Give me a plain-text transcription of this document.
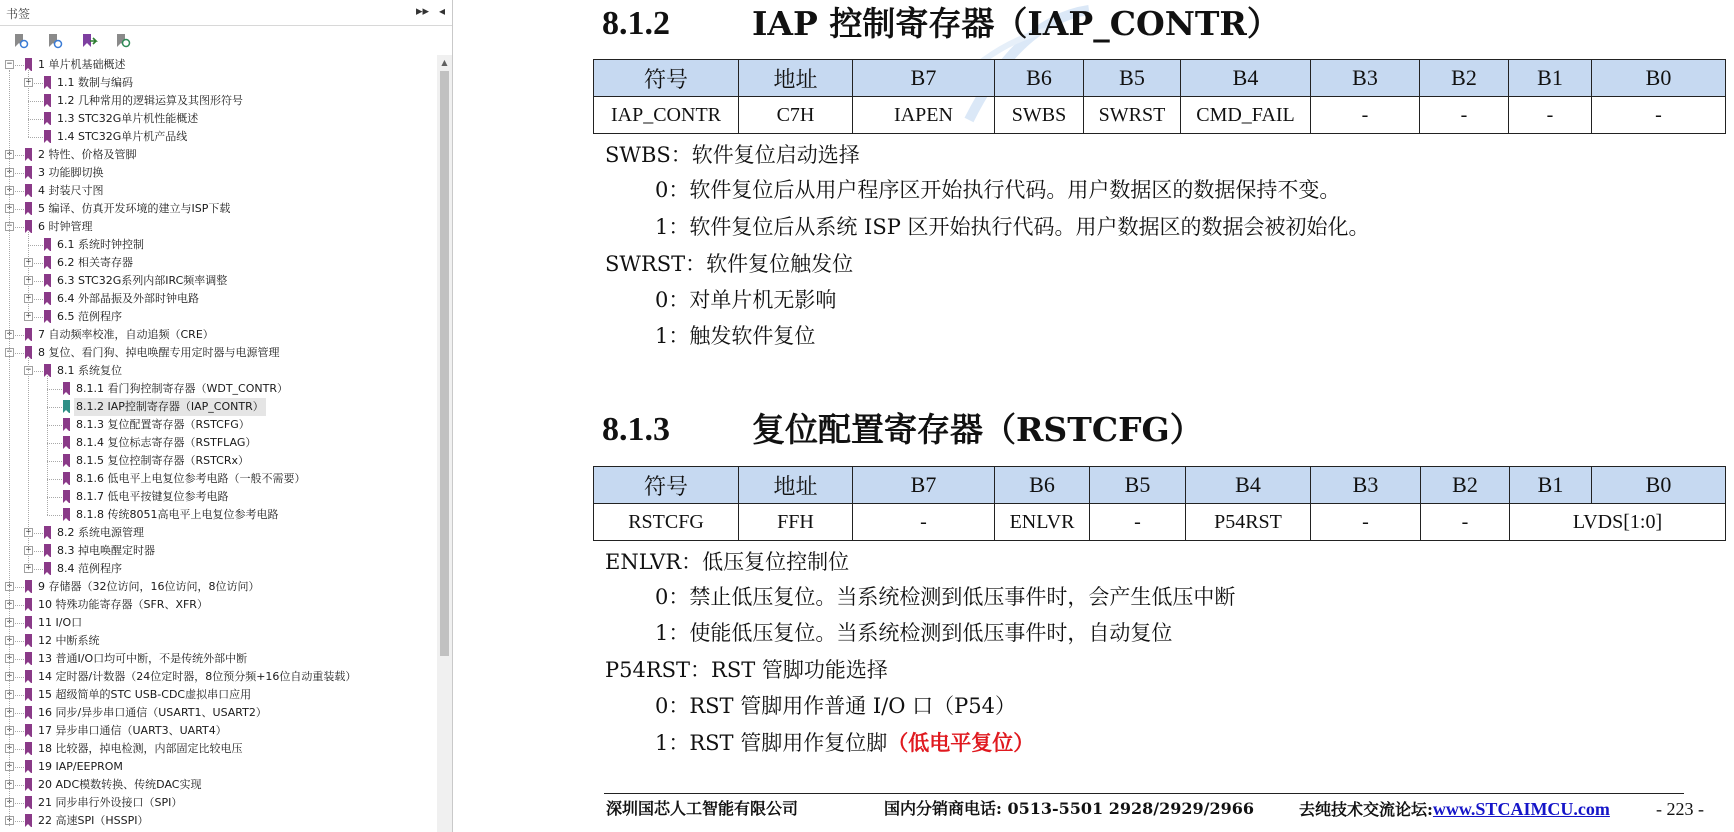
书签	▸▸ ◂
− 1 单片机基础概述
+ 1.1 数制与编码
1.2 几种常用的逻辑运算及其图形符号
1.3 STC32G单片机性能概述
1.4 STC32G单片机产品线
+ 2 特性、价格及管脚
+ 3 功能脚切换
+ 4 封装尺寸图
+ 5 编译、仿真开发环境的建立与ISP下载
− 6 时钟管理
6.1 系统时钟控制
+ 6.2 相关寄存器
+ 6.3 STC32G系列内部IRC频率调整
+ 6.4 外部晶振及外部时钟电路
+ 6.5 范例程序
+ 7 自动频率校准，自动追频（CRE）
− 8 复位、看门狗、掉电唤醒专用定时器与电源管理
− 8.1 系统复位
8.1.1 看门狗控制寄存器（WDT_CONTR）
8.1.2 IAP控制寄存器（IAP_CONTR）
8.1.3 复位配置寄存器（RSTCFG）
8.1.4 复位标志寄存器（RSTFLAG）
8.1.5 复位控制寄存器（RSTCRx）
8.1.6 低电平上电复位参考电路（一般不需要）
8.1.7 低电平按键复位参考电路
8.1.8 传统8051高电平上电复位参考电路
+ 8.2 系统电源管理
+ 8.3 掉电唤醒定时器
+ 8.4 范例程序
+ 9 存储器（32位访问，16位访问，8位访问）
+ 10 特殊功能寄存器（SFR、XFR）
+ 11 I/O口
+ 12 中断系统
+ 13 普通I/O口均可中断，不是传统外部中断
+ 14 定时器/计数器（24位定时器，8位预分频+16位自动重装载）
+ 15 超级简单的STC USB-CDC虚拟串口应用
+ 16 同步/异步串口通信（USART1、USART2）
+ 17 异步串口通信（UART3、UART4）
+ 18 比较器，掉电检测，内部固定比较电压
+ 19 IAP/EEPROM
+ 20 ADC模数转换、传统DAC实现
+ 21 同步串行外设接口（SPI）
+ 22 高速SPI（HSSPI）
▲
8.1.2 IAP 控制寄存器（IAP_CONTR）
符号	地址	B7	B6	B5	B4	B3	B2	B1	B0
IAP_CONTR	C7H	IAPEN	SWBS	SWRST	CMD_FAIL	-	-	-	-
SWBS：软件复位启动选择
0：软件复位后从用户程序区开始执行代码。用户数据区的数据保持不变。
1：软件复位后从系统 ISP 区开始执行代码。用户数据区的数据会被初始化。
SWRST：软件复位触发位
0：对单片机无影响
1：触发软件复位
8.1.3 复位配置寄存器（RSTCFG）
符号	地址	B7	B6	B5	B4	B3	B2	B1	B0
RSTCFG	FFH	-	ENLVR	-	P54RST	-	-	LVDS[1:0]	
ENLVR：低压复位控制位
0：禁止低压复位。当系统检测到低压事件时，会产生低压中断
1：使能低压复位。当系统检测到低压事件时，自动复位
P54RST：RST 管脚功能选择
0：RST 管脚用作普通 I/O 口（P54）
1：RST 管脚用作复位脚（低电平复位）
深圳国芯人工智能有限公司	国内分销商电话: 0513-5501 2928/2929/2966	去纯技术交流论坛:www.STCAIMCU.com	- 223 -
